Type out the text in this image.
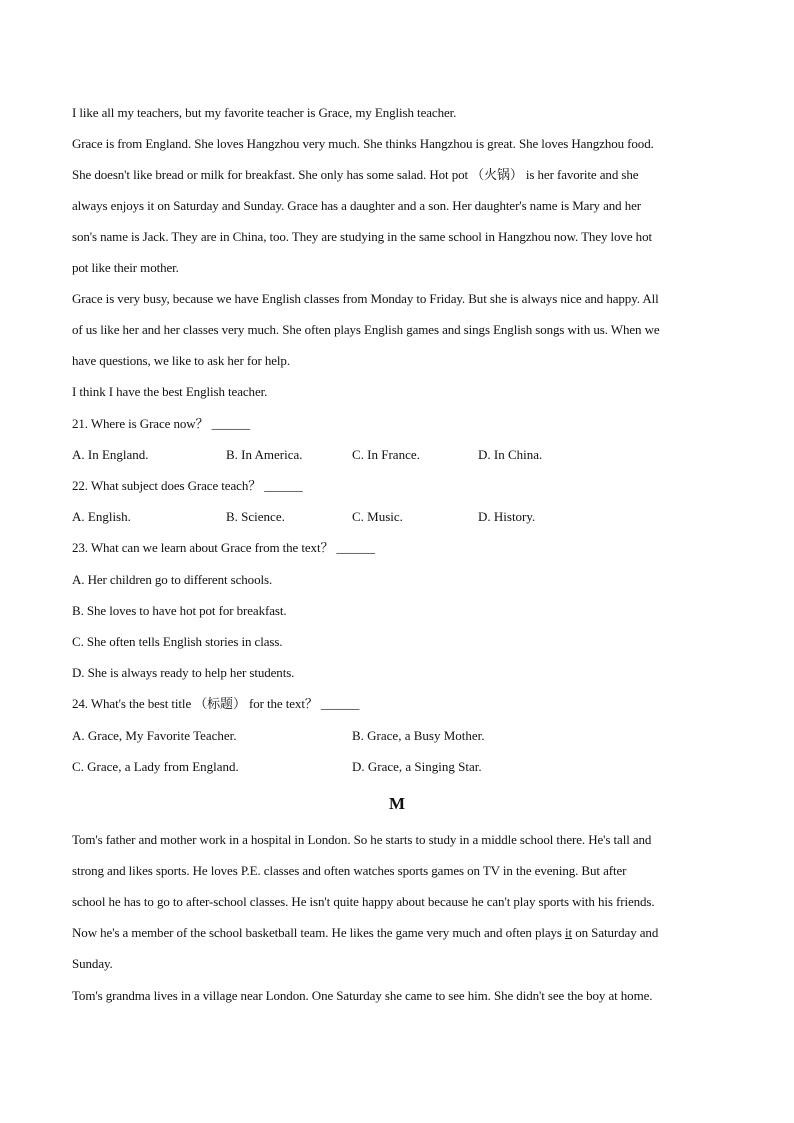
I like all my teachers, but my favorite teacher is Grace, my English teacher.
Grace is from England. She loves Hangzhou very much. She thinks Hangzhou is great. She loves Hangzhou food.
She doesn't like bread or milk for breakfast. She only has some salad. Hot pot （火锅） is her favorite and she
always enjoys it on Saturday and Sunday. Grace has a daughter and a son. Her daughter's name is Mary and her
son's name is Jack. They are in China, too. They are studying in the same school in Hangzhou now. They love hot
pot like their mother.
Grace is very busy, because we have English classes from Monday to Friday. But she is always nice and happy. All
of us like her and her classes very much. She often plays English games and sings English songs with us. When we
have questions, we like to ask her for help.
I think I have the best English teacher.
21. Where is Grace now？ ______
A. In England.	B. In America.	C. In France.	D. In China.
22. What subject does Grace teach？ ______
A. English.	B. Science.	C. Music.	D. History.
23. What can we learn about Grace from the text？ ______
A. Her children go to different schools.
B. She loves to have hot pot for breakfast.
C. She often tells English stories in class.
D. She is always ready to help her students.
24. What's the best title （标题） for the text？ ______
A. Grace, My Favorite Teacher.	B. Grace, a Busy Mother.
C. Grace, a Lady from England.	D. Grace, a Singing Star.
M
Tom's father and mother work in a hospital in London. So he starts to study in a middle school there. He's tall and
strong and likes sports. He loves P.E. classes and often watches sports games on TV in the evening. But after
school he has to go to after-school classes. He isn't quite happy about because he can't play sports with his friends.
Now he's a member of the school basketball team. He likes the game very much and often plays it on Saturday and
Sunday.
Tom's grandma lives in a village near London. One Saturday she came to see him. She didn't see the boy at home.
